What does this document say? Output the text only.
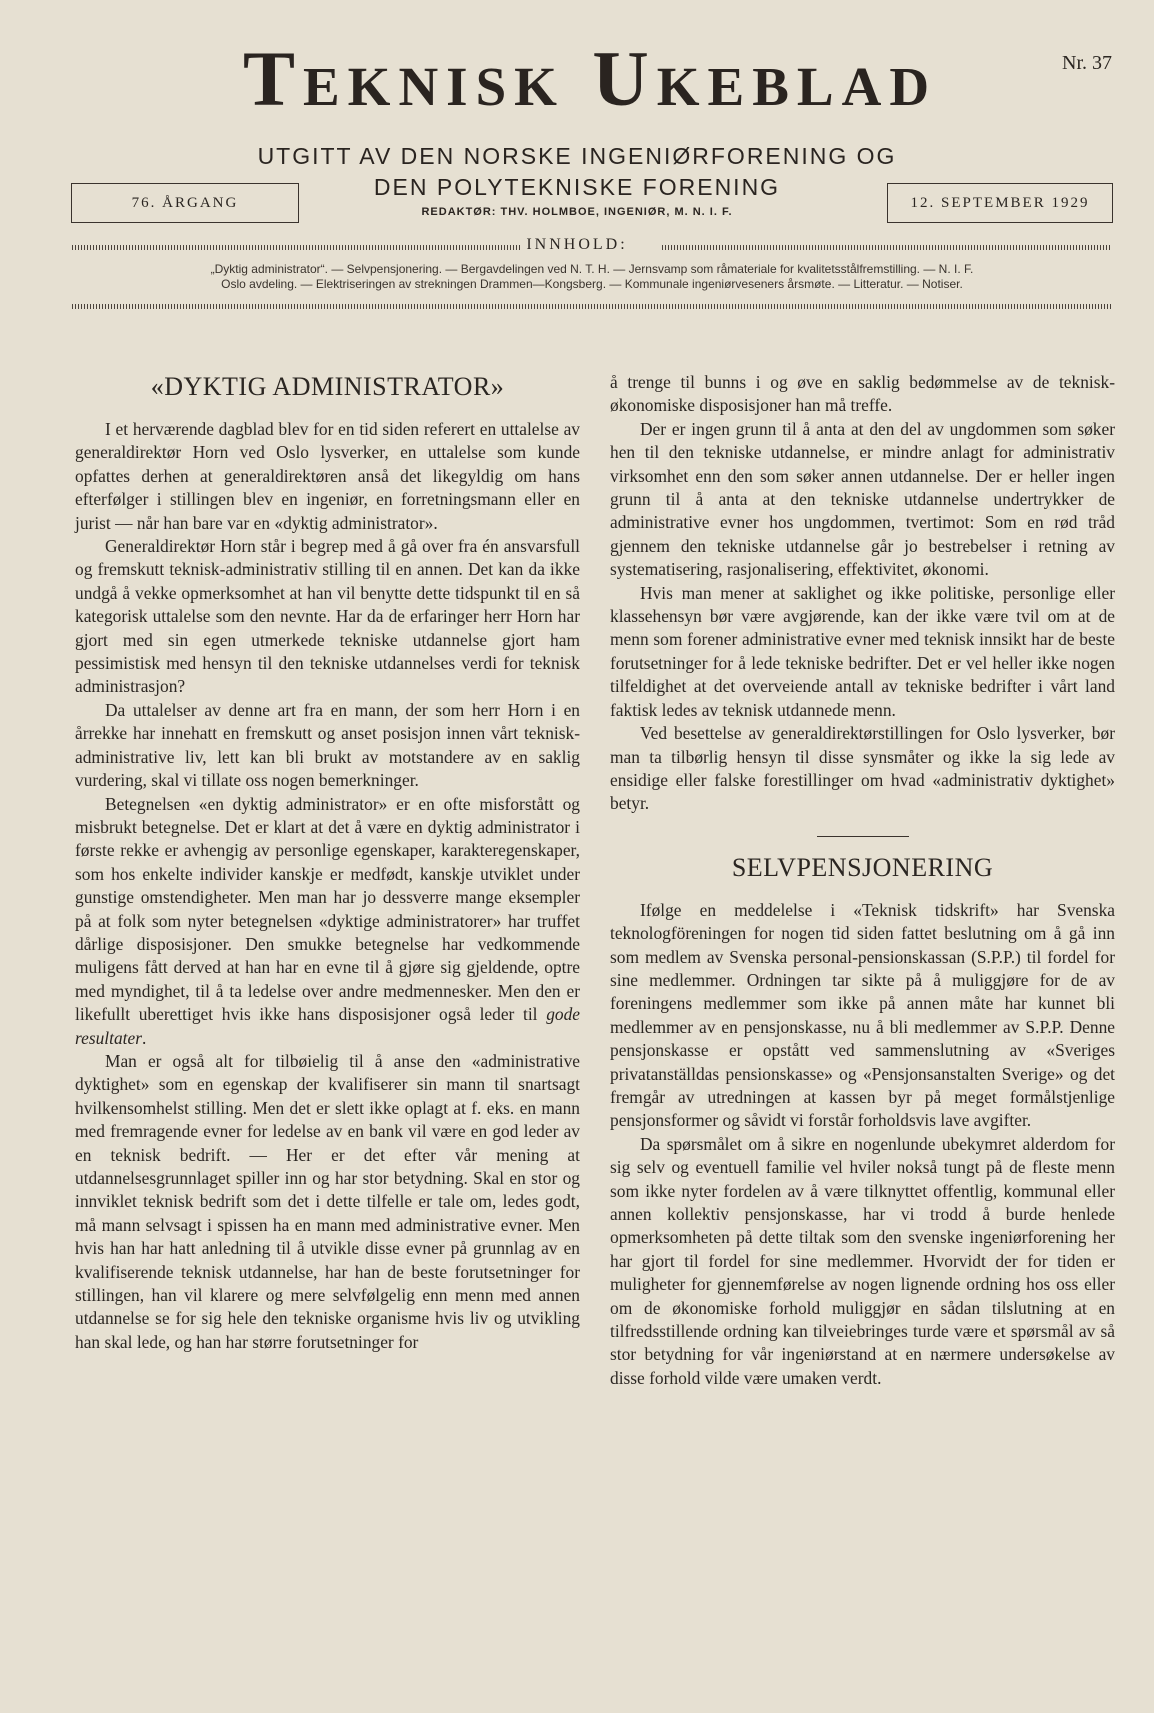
Teknisk Ukeblad	Nr. 37
UTGITT AV DEN NORSKE INGENIØRFORENING OG
DEN POLYTEKNISKE FORENING
REDAKTØR: THV. HOLMBOE, INGENIØR, M. N. I. F.
76. ÅRGANG	12. SEPTEMBER 1929
INNHOLD:
„Dyktig administrator“. — Selvpensjonering. — Bergavdelingen ved N. T. H. — Jernsvamp som råmateriale for kvalitetsstålfremstilling. — N. I. F.
Oslo avdeling. — Elektriseringen av strekningen Drammen—Kongsberg. — Kommunale ingeniørveseners årsmøte. — Litteratur. — Notiser.
«DYKTIG ADMINISTRATOR»

I et herværende dagblad blev for en tid siden referert en uttalelse av generaldirektør Horn ved Oslo lysverker, en uttalelse som kunde opfattes derhen at generaldirektøren anså det likegyldig om hans efterfølger i stillingen blev en ingeniør, en forretningsmann eller en jurist — når han bare var en «dyktig administrator».

Generaldirektør Horn står i begrep med å gå over fra én ansvarsfull og fremskutt teknisk-administrativ stilling til en annen. Det kan da ikke undgå å vekke opmerksomhet at han vil benytte dette tidspunkt til en så kategorisk uttalelse som den nevnte. Har da de erfaringer herr Horn har gjort med sin egen utmerkede tekniske utdannelse gjort ham pessimistisk med hensyn til den tekniske utdannelses verdi for teknisk administrasjon?

Da uttalelser av denne art fra en mann, der som herr Horn i en årrekke har innehatt en fremskutt og anset posisjon innen vårt teknisk-administrative liv, lett kan bli brukt av motstandere av en saklig vurdering, skal vi tillate oss nogen bemerkninger.

Betegnelsen «en dyktig administrator» er en ofte misforstått og misbrukt betegnelse. Det er klart at det å være en dyktig administrator i første rekke er avhengig av personlige egenskaper, karakteregenskaper, som hos enkelte individer kanskje er medfødt, kanskje utviklet under gunstige omstendigheter. Men man har jo dessverre mange eksempler på at folk som nyter betegnelsen «dyktige administratorer» har truffet dårlige disposisjoner. Den smukke betegnelse har vedkommende muligens fått derved at han har en evne til å gjøre sig gjeldende, optre med myndighet, til å ta ledelse over andre medmennesker. Men den er likefullt uberettiget hvis ikke hans disposisjoner også leder til gode resultater.

Man er også alt for tilbøielig til å anse den «administrative dyktighet» som en egenskap der kvalifiserer sin mann til snartsagt hvilkensomhelst stilling. Men det er slett ikke oplagt at f. eks. en mann med fremragende evner for ledelse av en bank vil være en god leder av en teknisk bedrift. — Her er det efter vår mening at utdannelsesgrunnlaget spiller inn og har stor betydning. Skal en stor og innviklet teknisk bedrift som det i dette tilfelle er tale om, ledes godt, må mann selvsagt i spissen ha en mann med administrative evner. Men hvis han har hatt anledning til å utvikle disse evner på grunnlag av en kvalifiserende teknisk utdannelse, har han de beste forutsetninger for stillingen, han vil klarere og mere selvfølgelig enn menn med annen utdannelse se for sig hele den tekniske organisme hvis liv og utvikling han skal lede, og han har større forutsetninger for

å trenge til bunns i og øve en saklig bedømmelse av de teknisk-økonomiske disposisjoner han må treffe.

Der er ingen grunn til å anta at den del av ungdommen som søker hen til den tekniske utdannelse, er mindre anlagt for administrativ virksomhet enn den som søker annen utdannelse. Der er heller ingen grunn til å anta at den tekniske utdannelse undertrykker de administrative evner hos ungdommen, tvertimot: Som en rød tråd gjennem den tekniske utdannelse går jo bestrebelser i retning av systematisering, rasjonalisering, effektivitet, økonomi.

Hvis man mener at saklighet og ikke politiske, personlige eller klassehensyn bør være avgjørende, kan der ikke være tvil om at de menn som forener administrative evner med teknisk innsikt har de beste forutsetninger for å lede tekniske bedrifter. Det er vel heller ikke nogen tilfeldighet at det overveiende antall av tekniske bedrifter i vårt land faktisk ledes av teknisk utdannede menn.

Ved besettelse av generaldirektørstillingen for Oslo lysverker, bør man ta tilbørlig hensyn til disse synsmåter og ikke la sig lede av ensidige eller falske forestillinger om hvad «administrativ dyktighet» betyr.

SELVPENSJONERING

Ifølge en meddelelse i «Teknisk tidskrift» har Svenska teknologföreningen for nogen tid siden fattet beslutning om å gå inn som medlem av Svenska personal-pensionskassan (S.P.P.) til fordel for sine medlemmer. Ordningen tar sikte på å muliggjøre for de av foreningens medlemmer som ikke på annen måte har kunnet bli medlemmer av en pensjonskasse, nu å bli medlemmer av S.P.P. Denne pensjonskasse er opstått ved sammenslutning av «Sveriges privatanställdas pensionskasse» og «Pensjonsanstalten Sverige» og det fremgår av utredningen at kassen byr på meget formålstjenlige pensjonsformer og såvidt vi forstår forholdsvis lave avgifter.

Da spørsmålet om å sikre en nogenlunde ubekymret alderdom for sig selv og eventuell familie vel hviler nokså tungt på de fleste menn som ikke nyter fordelen av å være tilknyttet offentlig, kommunal eller annen kollektiv pensjonskasse, har vi trodd å burde henlede opmerksomheten på dette tiltak som den svenske ingeniørforening her har gjort til fordel for sine medlemmer. Hvorvidt der for tiden er muligheter for gjennemførelse av nogen lignende ordning hos oss eller om de økonomiske forhold muliggjør en sådan tilslutning at en tilfredsstillende ordning kan tilveiebringes turde være et spørsmål av så stor betydning for vår ingeniørstand at en nærmere undersøkelse av disse forhold vilde være umaken verdt.
